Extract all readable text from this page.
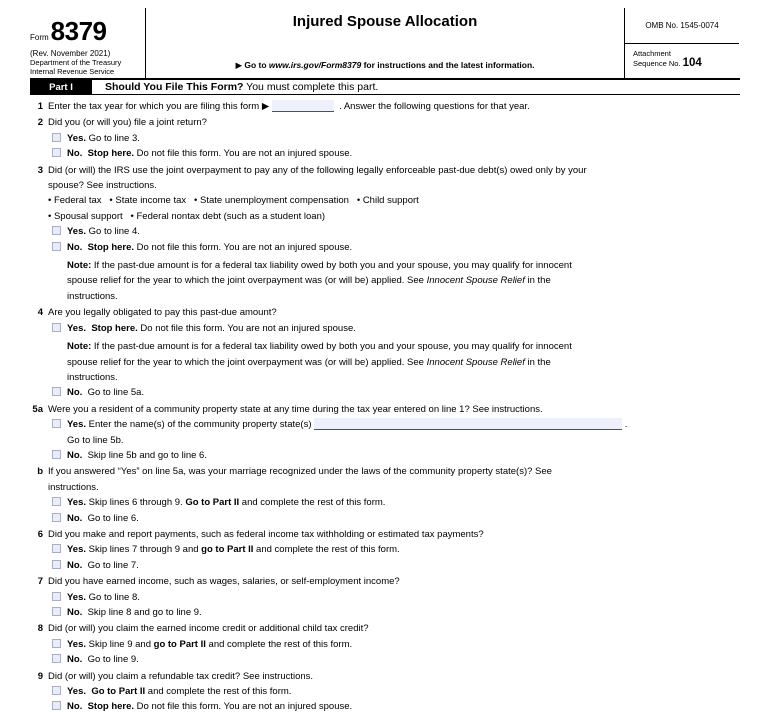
Form8379
(Rev. November 2021)
Department of the Treasury
Internal Revenue Service
Injured Spouse Allocation
▶ Go to www.irs.gov/Form8379 for instructions and the latest information.
OMB No. 1545-0074
Attachment
Sequence No. 104
Part I	Should You File This Form? You must complete this part.
1 Enter the tax year for which you are filing this form ▶	. Answer the following questions for that year.
2 Did you (or will you) file a joint return?
Yes. Go to line 3.
No. Stop here. Do not file this form. You are not an injured spouse.
3 Did (or will) the IRS use the joint overpayment to pay any of the following legally enforceable past-due debt(s) owed only by your
spouse? See instructions.
• Federal tax   • State income tax   • State unemployment compensation   • Child support
• Spousal support   • Federal nontax debt (such as a student loan)
Yes. Go to line 4.
No. Stop here. Do not file this form. You are not an injured spouse.
Note: If the past-due amount is for a federal tax liability owed by both you and your spouse, you may qualify for innocent
spouse relief for the year to which the joint overpayment was (or will be) applied. See Innocent Spouse Relief in the
instructions.
4 Are you legally obligated to pay this past-due amount?
Yes. Stop here. Do not file this form. You are not an injured spouse.
Note: If the past-due amount is for a federal tax liability owed by both you and your spouse, you may qualify for innocent
spouse relief for the year to which the joint overpayment was (or will be) applied. See Innocent Spouse Relief in the
instructions.
No.  Go to line 5a.
5a Were you a resident of a community property state at any time during the tax year entered on line 1? See instructions.
Yes. Enter the name(s) of the community property state(s)	.
Go to line 5b.
No.  Skip line 5b and go to line 6.
b If you answered “Yes” on line 5a, was your marriage recognized under the laws of the community property state(s)? See
instructions.
Yes. Skip lines 6 through 9. Go to Part II and complete the rest of this form.
No.  Go to line 6.
6 Did you make and report payments, such as federal income tax withholding or estimated tax payments?
Yes. Skip lines 7 through 9 and go to Part II and complete the rest of this form.
No.  Go to line 7.
7 Did you have earned income, such as wages, salaries, or self-employment income?
Yes. Go to line 8.
No.  Skip line 8 and go to line 9.
8 Did (or will) you claim the earned income credit or additional child tax credit?
Yes. Skip line 9 and go to Part II and complete the rest of this form.
No.  Go to line 9.
9 Did (or will) you claim a refundable tax credit? See instructions.
Yes. Go to Part II and complete the rest of this form.
No. Stop here. Do not file this form. You are not an injured spouse.
